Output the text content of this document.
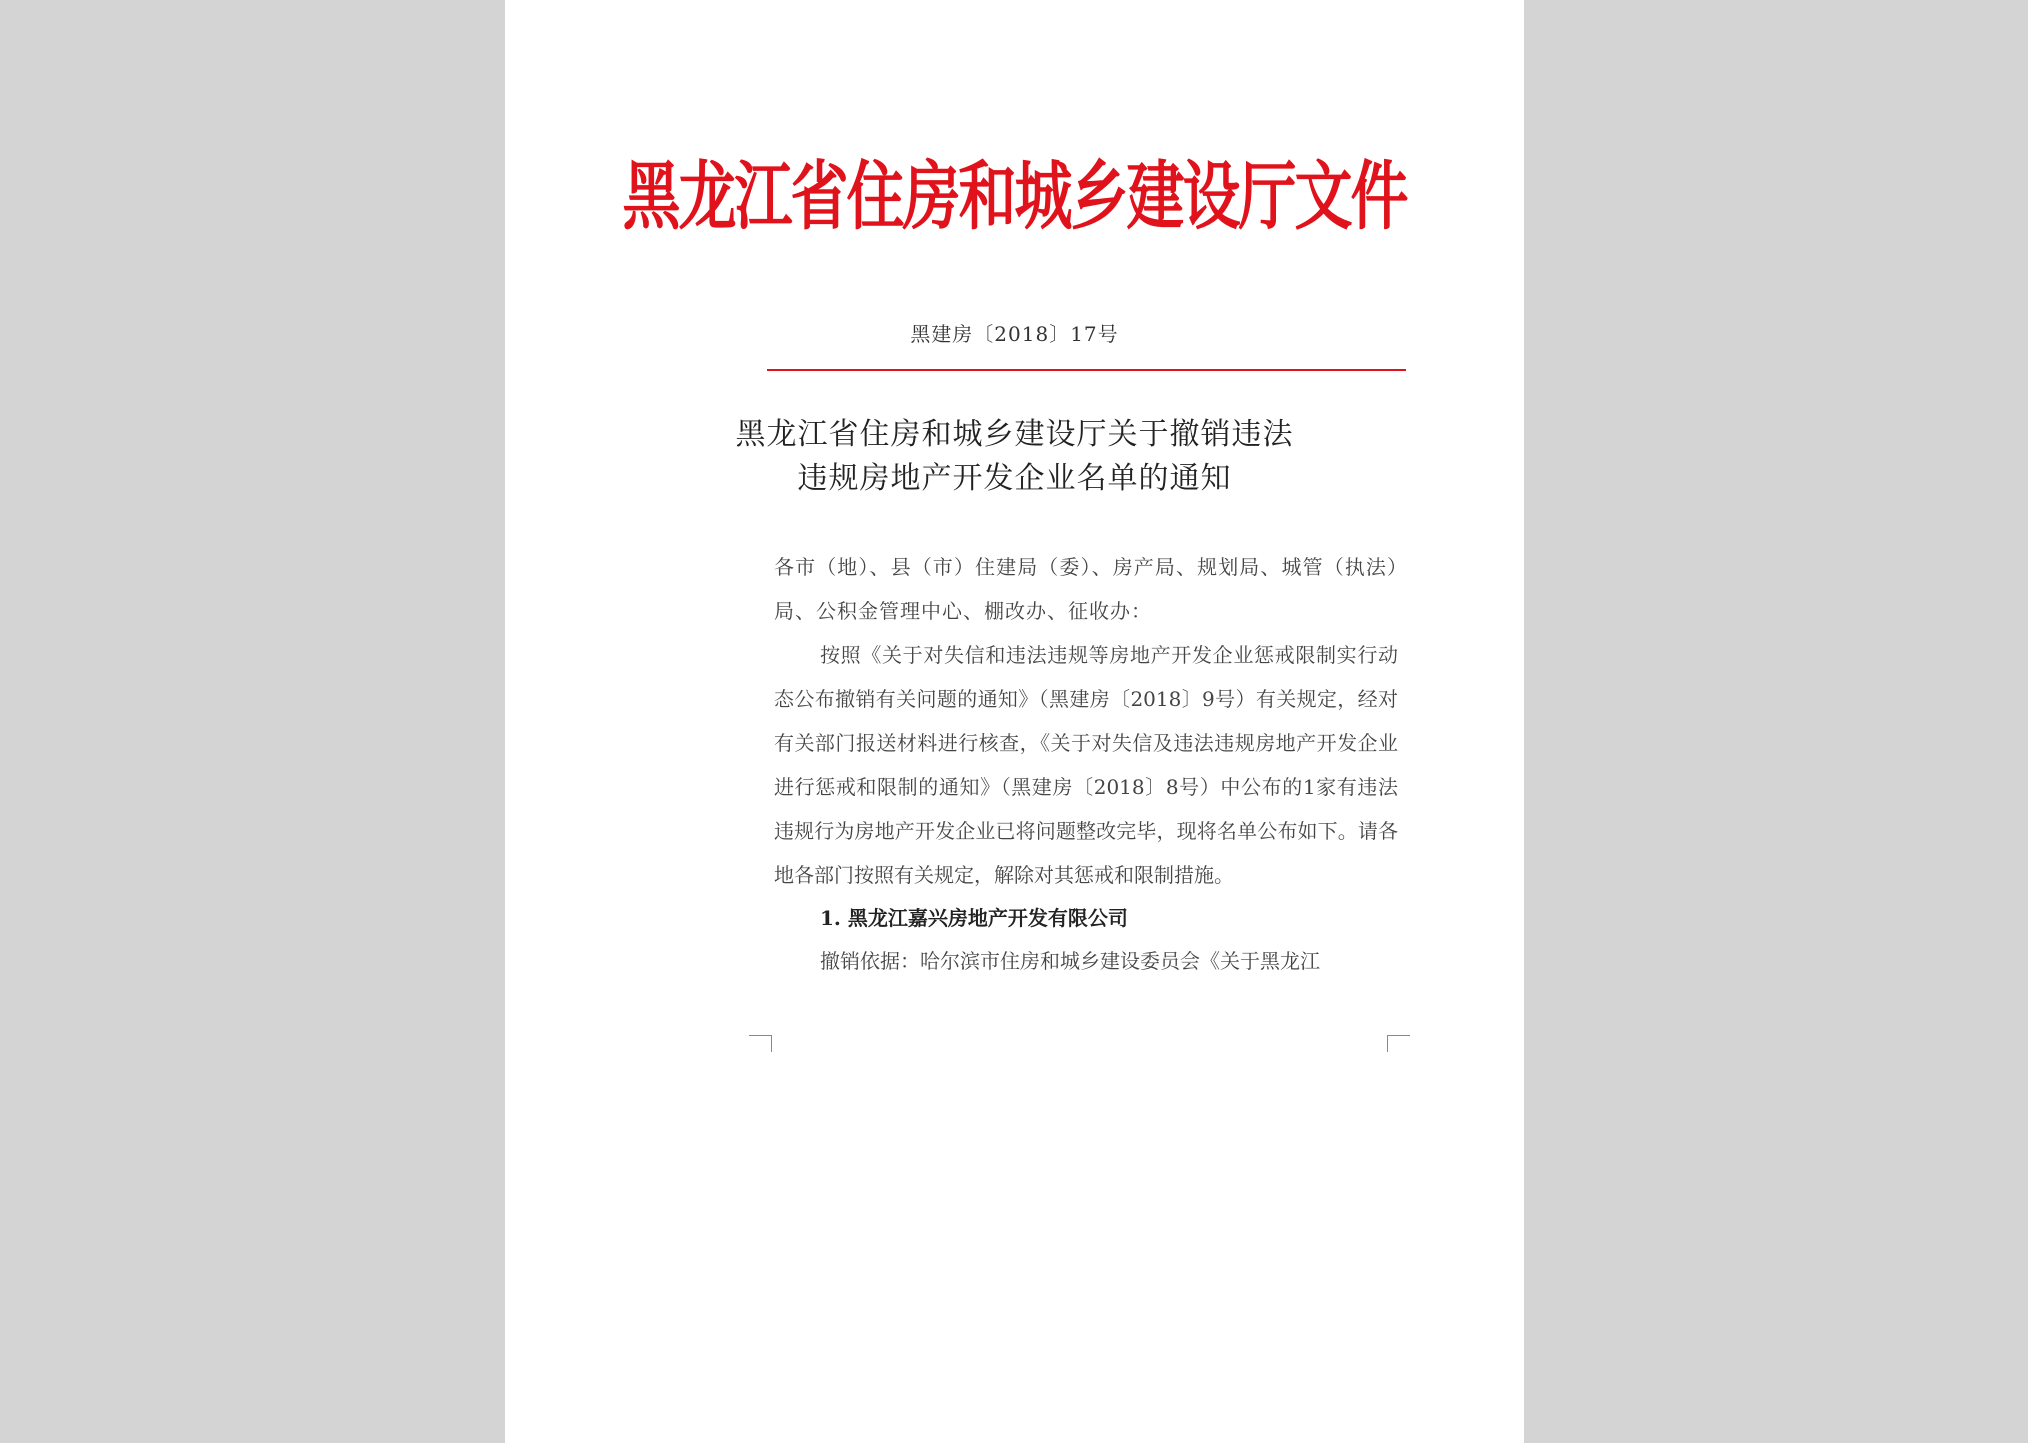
黑龙江省住房和城乡建设厅文件
黑建房〔2018〕17号
黑龙江省住房和城乡建设厅关于撤销违法
违规房地产开发企业名单的通知

各市（地）、县（市）住建局（委）、房产局、规划局、城管（执法）局、公积金管理中心、棚改办、征收办：

按照《关于对失信和违法违规等房地产开发企业惩戒限制实行动态公布撤销有关问题的通知》（黑建房〔2018〕9号）有关规定，经对有关部门报送材料进行核查，《关于对失信及违法违规房地产开发企业进行惩戒和限制的通知》（黑建房〔2018〕8号）中公布的1家有违法违规行为房地产开发企业已将问题整改完毕，现将名单公布如下。请各地各部门按照有关规定，解除对其惩戒和限制措施。

1. 黑龙江嘉兴房地产开发有限公司

撤销依据：哈尔滨市住房和城乡建设委员会《关于黑龙江
